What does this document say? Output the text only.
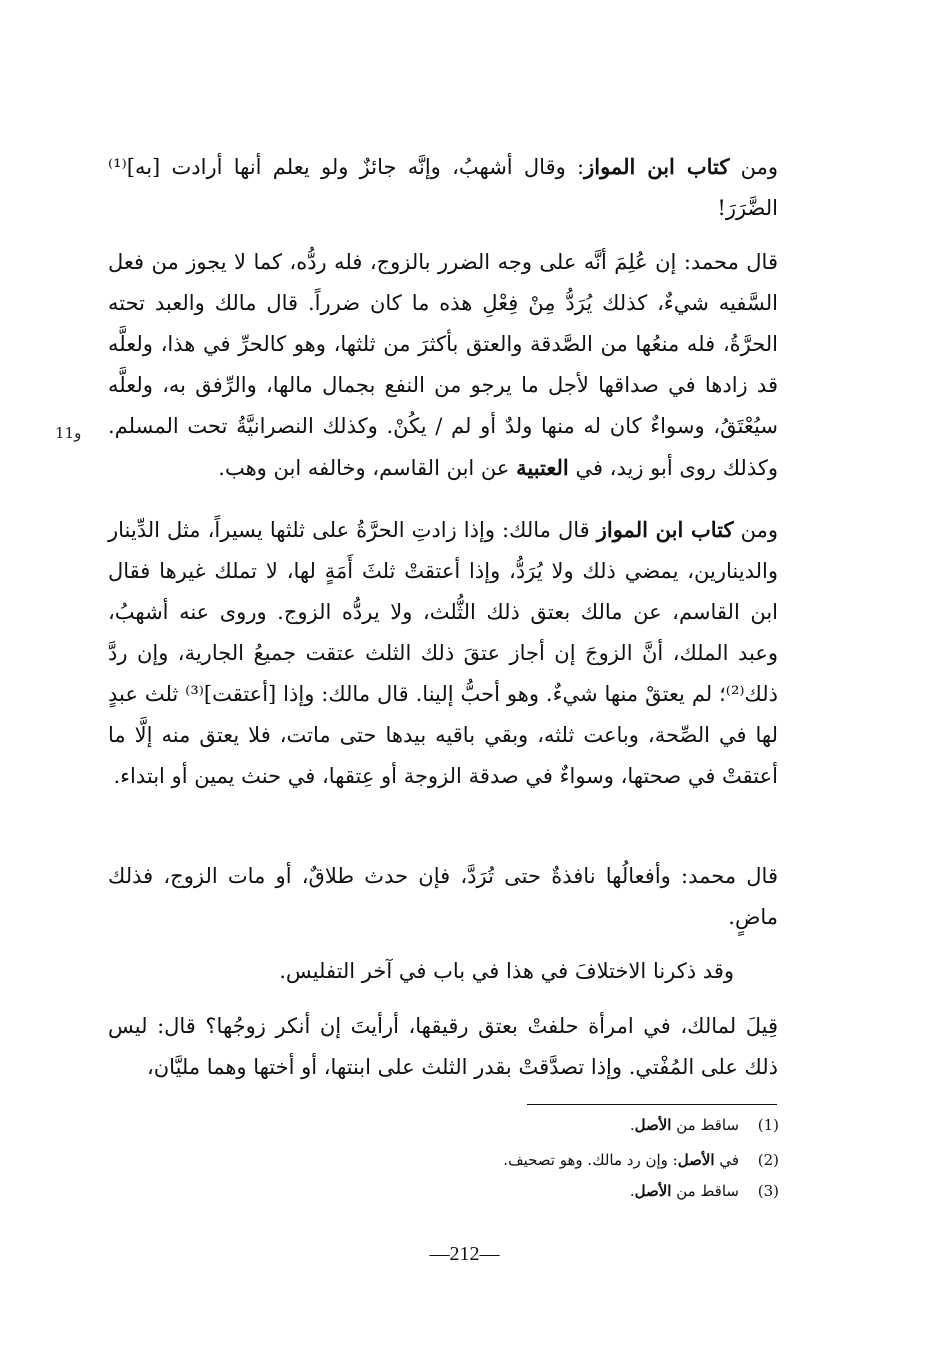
ومن كتاب ابن المواز: وقال أشهبُ، وإنَّه جائزٌ ولو يعلم أنها أرادت [به]⁽¹⁾ الضَّرَرَ!

قال محمد: إن عُلِمَ أنَّه على وجه الضرر بالزوج، فله ردُّه، كما لا يجوز من فعل السَّفيه شيءٌ، كذلك يُرَدُّ مِنْ فِعْلِ هذه ما كان ضرراً. قال مالك والعبد تحته الحرَّةُ، فله منعُها من الصَّدقة والعتق بأكثرَ من ثلثها، وهو كالحرِّ في هذا، ولعلَّه قد زادها في صداقها لأجل ما يرجو من النفع بجمال مالها، والرِّفق به، ولعلَّه سيُعْتَقُ، وسواءٌ كان له منها ولدٌ أو لم / يكُنْ. وكذلك النصرانيَّةُ تحت المسلم. وكذلك روى أبو زيد، في العتبية عن ابن القاسم، وخالفه ابن وهب.

و11

ومن كتاب ابن المواز قال مالك: وإذا زادتِ الحرَّةُ على ثلثها يسيراً، مثل الدِّينار والدينارين، يمضي ذلك ولا يُرَدُّ، وإذا أعتقتْ ثلثَ أَمَةٍ لها، لا تملك غيرها فقال ابن القاسم، عن مالك بعتق ذلك الثُّلث، ولا يردُّه الزوج. وروى عنه أشهبُ، وعبد الملك، أنَّ الزوجَ إن أجاز عتقَ ذلك الثلث عتقت جميعُ الجارية، وإن ردَّ ذلك⁽²⁾؛ لم يعتقْ منها شيءٌ. وهو أحبُّ إلينا. قال مالك: وإذا [أعتقت]⁽³⁾ ثلث عبدٍ لها في الصِّحة، وباعت ثلثه، وبقي باقيه بيدها حتى ماتت، فلا يعتق منه إلَّا ما أعتقتْ في صحتها، وسواءٌ في صدقة الزوجة أو عِتقها، في حنث يمين أو ابتداء.

قال محمد: وأفعالُها نافذةٌ حتى تُرَدَّ، فإن حدث طلاقٌ، أو مات الزوج، فذلك ماضٍ.

وقد ذكرنا الاختلافَ في هذا في باب في آخر التفليس.

قِيلَ لمالك، في امرأة حلفتْ بعتق رقيقها، أرأيتَ إن أنكر زوجُها؟ قال: ليس ذلك على المُفْتي. وإذا تصدَّقتْ بقدر الثلث على ابنتها، أو أختها وهما مليَّان،

(1)ساقط من الأصل.
(2)في الأصل: وإن رد مالك. وهو تصحيف.
(3)ساقط من الأصل.
—212—
